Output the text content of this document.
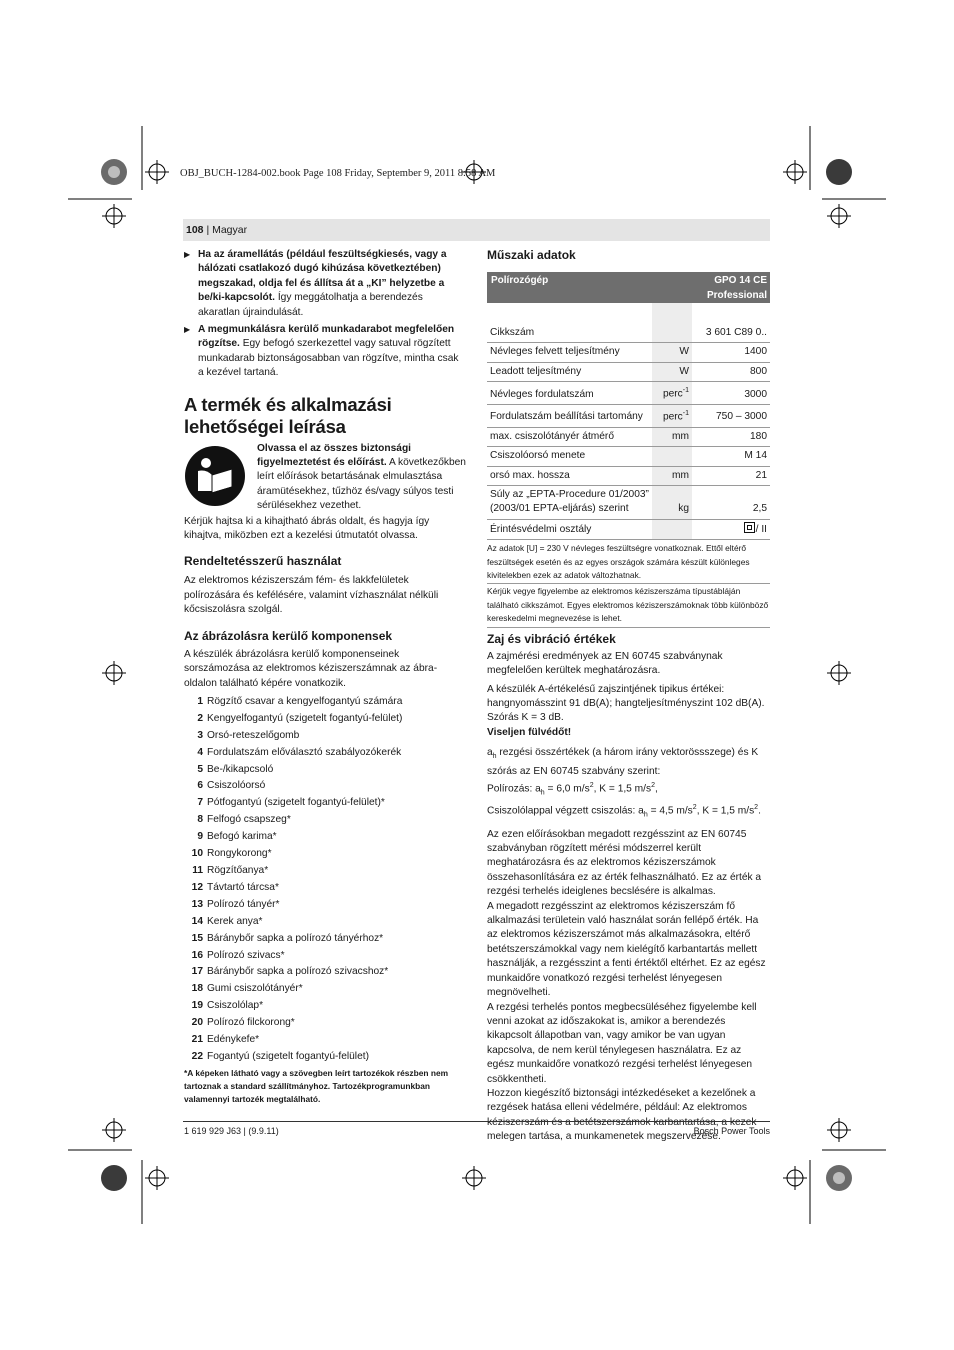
OBJ_BUCH-1284-002.book Page 108 Friday, September 9, 2011 8:58 AM
108 | Magyar
▶ Ha az áramellátás (például feszültségkiesés, vagy a hálózati csatlakozó dugó kihúzása következtében) megszakad, oldja fel és állítsa át a „KI” helyzetbe a be/ki-kapcsolót. Így meggátolhatja a berendezés akaratlan újraindulását.
▶ A megmunkálásra kerülő munkadarabot megfelelően rögzítse. Egy befogó szerkezettel vagy satuval rögzített munkadarab biztonságosabban van rögzítve, mintha csak a kezével tartaná.
A termék és alkalmazási lehetőségei leírása
Olvassa el az összes biztonsági figyelmeztetést és előírást. A következőkben leírt előírások betartásának elmulasztása áramütésekhez, tűzhöz és/vagy súlyos testi sérülésekhez vezethet.

Kérjük hajtsa ki a kihajtható ábrás oldalt, és hagyja így kihajtva, miközben ezt a kezelési útmutatót olvassa.

Rendeltetésszerű használat

Az elektromos kéziszerszám fém- és lakkfelületek polírozására és kefélésére, valamint vízhasználat nélküli kőcsiszolásra szolgál.

Az ábrázolásra kerülő komponensek

A készülék ábrázolásra kerülő komponenseinek sorszámozása az elektromos kéziszerszámnak az ábra-oldalon található képére vonatkozik.

1 Rögzítő csavar a kengyelfogantyú számára
2 Kengyelfogantyú (szigetelt fogantyú-felület)
3 Orsó-reteszelőgomb
4 Fordulatszám előválasztó szabályozókerék
5 Be-/kikapcsoló
6 Csiszolóorsó
7 Pótfogantyú (szigetelt fogantyú-felület)*
8 Felfogó csapszeg*
9 Befogó karima*
10 Rongykorong*
11 Rögzítőanya*
12 Távtartó tárcsa*
13 Polírozó tányér*
14 Kerek anya*
15 Báránybőr sapka a polírozó tányérhoz*
16 Polírozó szivacs*
17 Báránybőr sapka a polírozó szivacshoz*
18 Gumi csiszolótányér*
19 Csiszolólap*
20 Polírozó filckorong*
21 Edénykefe*
22 Fogantyú (szigetelt fogantyú-felület)

*A képeken látható vagy a szövegben leírt tartozékok részben nem tartoznak a standard szállítmányhoz. Tartozékprogramunkban valamennyi tartozék megtalálható.

Műszaki adatok
Polírozógép	GPO 14 CE
Professional
Cikkszám		3 601 C89 0..
Névleges felvett teljesítmény	W	1400
Leadott teljesítmény	W	800
Névleges fordulatszám	perc$^{-1}$	3000
Fordulatszám beállítási tartomány	perc$^{-1}$	750 – 3000
max. csiszolótányér átmérő	mm	180
Csiszolóorsó menete		M 14
orsó max. hossza	mm	21
Súly az „EPTA-Procedure 01/2003” (2003/01 EPTA-eljárás) szerint	kg	2,5
Érintésvédelmi osztály		/ II

Az adatok [U] = 230 V névleges feszültségre vonatkoznak. Ettől eltérő feszültségek esetén és az egyes országok számára készült különleges kivitelekben ezek az adatok változhatnak.

Kérjük vegye figyelembe az elektromos kéziszerszáma típustábláján található cikkszámot. Egyes elektromos kéziszerszámoknak több különböző kereskedelmi megnevezése is lehet.

Zaj és vibráció értékek

A zajmérési eredmények az EN 60745 szabványnak megfelelően kerültek meghatározásra.

A készülék A-értékelésű zajszintjének tipikus értékei: hangnyomásszint 91 dB(A); hangteljesítményszint 102 dB(A). Szórás K = 3 dB.

Viseljen fülvédőt!

$a_h$ rezgési összértékek (a három irány vektorössszege) és K szórás az EN 60745 szabvány szerint:

Polírozás: $a_h = 6,0$ $m/s^2$, K = 1,5 $m/s^2$,

Csiszolólappal végzett csiszolás: $a_h = 4,5$ $m/s^2$, K = 1,5 $m/s^2$.

Az ezen előírásokban megadott rezgésszint az EN 60745 szabványban rögzített mérési módszerrel került meghatározásra és az elektromos kéziszerszámok összehasonlítására ez az érték felhasználható. Ez az érték a rezgési terhelés ideiglenes becslésére is alkalmas.
A megadott rezgésszint az elektromos kéziszerszám fő alkalmazási területein való használat során fellépő érték. Ha az elektromos kéziszerszámot más alkalmazásokra, eltérő betétszerszámokkal vagy nem kielégítő karbantartás mellett használják, a rezgésszint a fenti értéktől eltérhet. Ez az egész munkaidőre vonatkozó rezgési terhelést lényegesen megnövelheti.
A rezgési terhelés pontos megbecsüléséhez figyelembe kell venni azokat az időszakokat is, amikor a berendezés kikapcsolt állapotban van, vagy amikor be van ugyan kapcsolva, de nem kerül ténylegesen használatra. Ez az egész munkaidőre vonatkozó rezgési terhelést lényegesen csökkentheti.
Hozzon kiegészítő biztonsági intézkedéseket a kezelőnek a rezgések hatása elleni védelmére, például: Az elektromos kéziszerszám és a betétszerszámok karbantartása, a kezek melegen tartása, a munkamenetek megszervezése.

1 619 929 J63 | (9.9.11)	Bosch Power Tools
